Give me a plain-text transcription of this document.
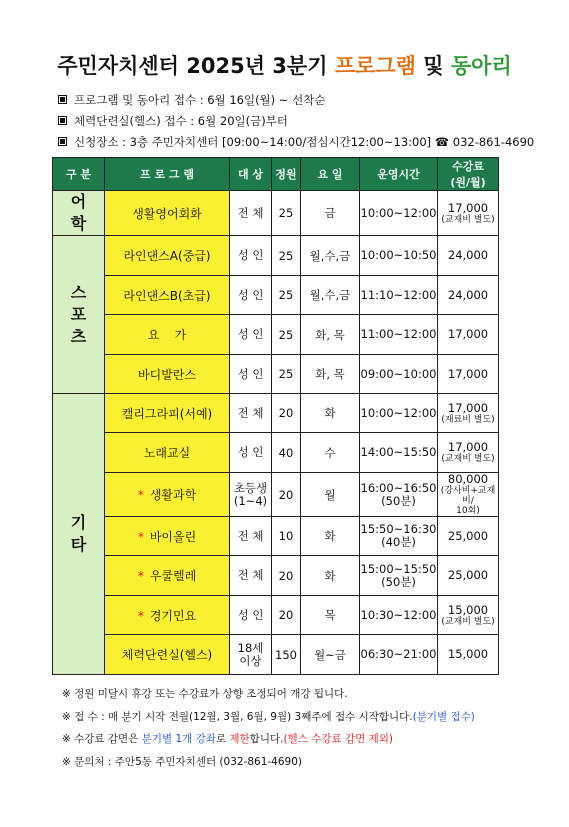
주민자치센터 2025년 3분기 프로그램 및 동아리
프로그램 및 동아리 접수 : 6월 16일(월) ~ 선착순
체력단련실(헬스) 접수 : 6월 20일(금)부터
신청장소 : 3층 주민자치센터 [09:00~14:00/점심시간12:00~13:00] ☎ 032-861-4690
구 분	프 로 그 램	대 상	정원	요 일	운영시간	수강료
(원/월)

어
학	생활영어회화	전 체	25	금	10:00~12:00	17,000
(교재비 별도)

스
포
츠	라인댄스A(중급)	성 인	25	월,수,금	10:00~10:50	24,000

	라인댄스B(초급)	성 인	25	월,수,금	11:10~12:00	24,000

	요    가	성 인	25	화, 목	11:00~12:00	17,000

	바디발란스	성 인	25	화, 목	09:00~10:00	17,000

기
타	캘리그라피(서예)	전 체	20	화	10:00~12:00	17,000
(재료비 별도)

	노래교실	성 인	40	수	14:00~15:50	17,000
(교재비 별도)

	* 생활과학	초등생
(1~4)	20	월	16:00~16:50
(50분)	80,000
(강사비+교재비/
10회)

	* 바이올린	전 체	10	화	15:50~16:30
(40분)	25,000

	* 우쿨렐레	전 체	20	화	15:00~15:50
(50분)	25,000

	* 경기민요	성 인	20	목	10:30~12:00	15,000
(교재비 별도)

	체력단련실(헬스)	18세
이상	150	월~금	06:30~21:00	15,000
※ 정원 미달시 휴강 또는 수강료가 상향 조정되어 개강 됩니다.
※ 접 수 : 매 분기 시작 전월(12월, 3월, 6월, 9월) 3째주에 접수 시작합니다.(분기별 접수)
※ 수강료 감면은 분기별 1개 강좌로 제한합니다.(헬스 수강료 감면 제외)
※ 문의처 : 주안5동 주민자치센터 (032-861-4690)
